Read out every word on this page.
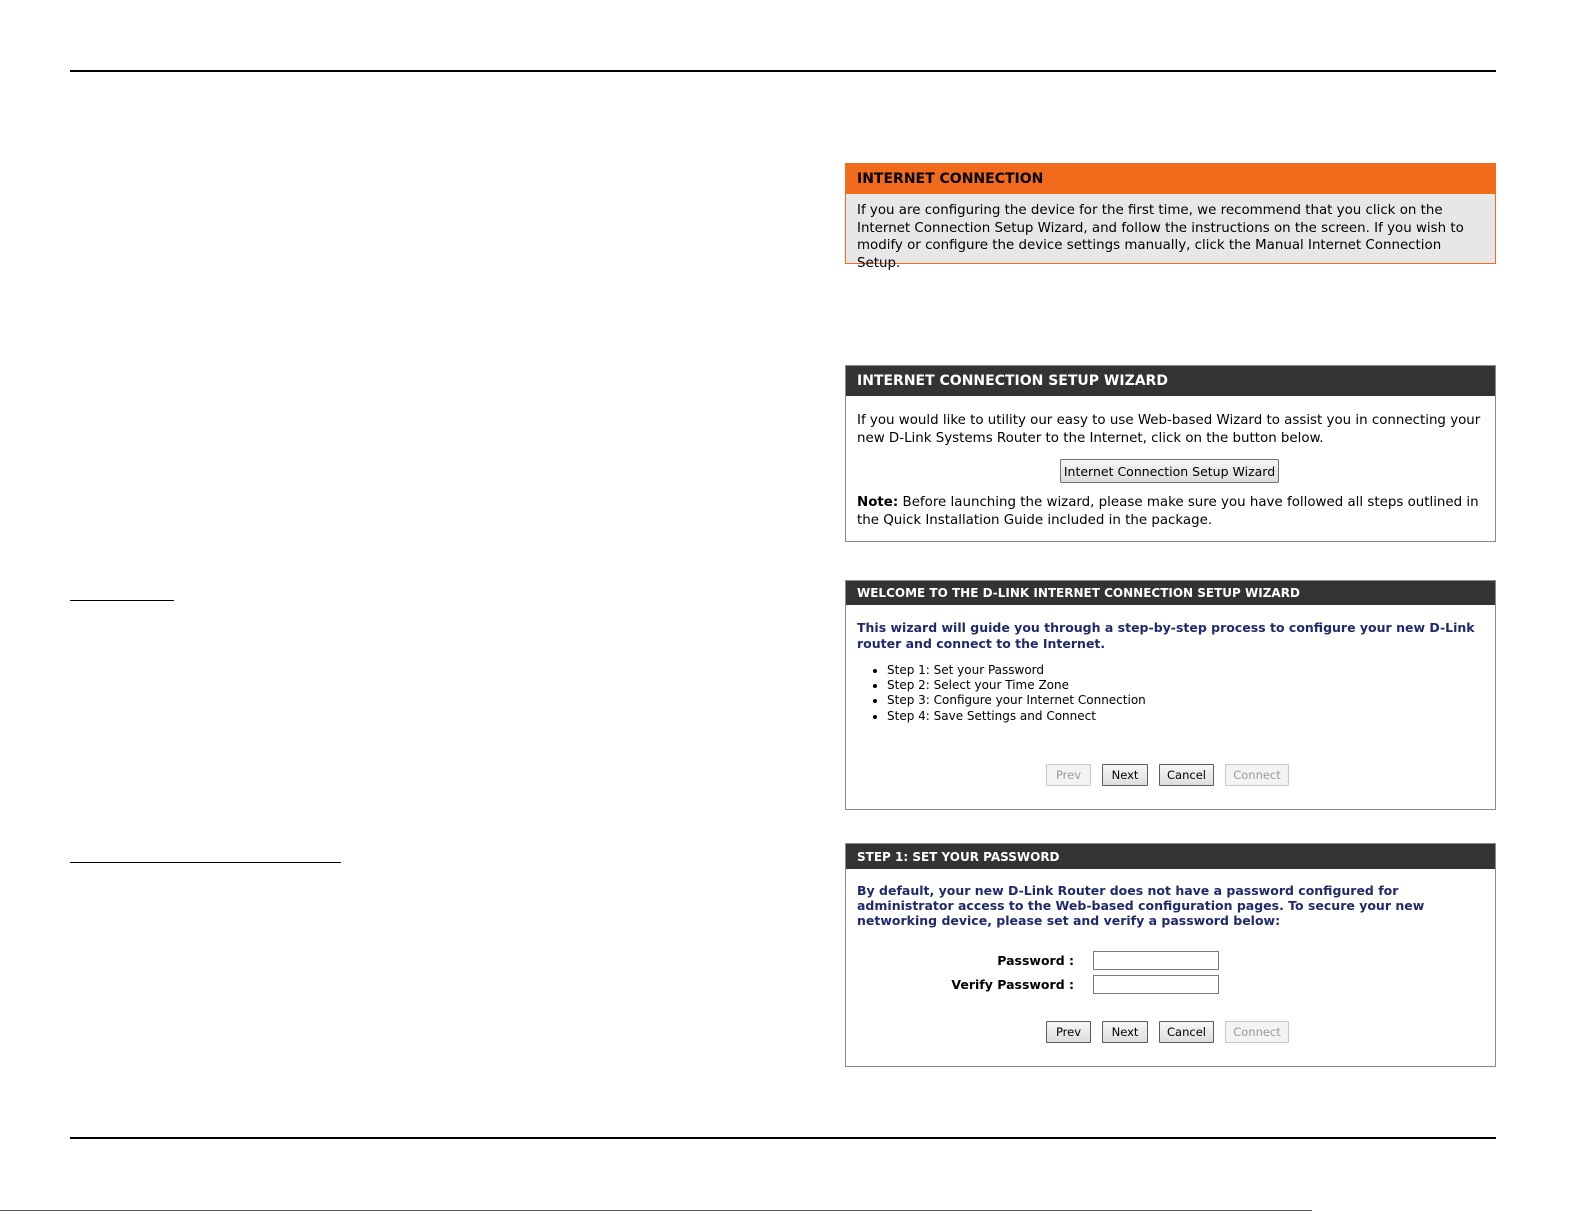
INTERNET CONNECTION
If you are configuring the device for the first time, we recommend that you click on the Internet Connection Setup Wizard, and follow the instructions on the screen. If you wish to modify or configure the device settings manually, click the Manual Internet Connection Setup.
INTERNET CONNECTION SETUP WIZARD
If you would like to utility our easy to use Web-based Wizard to assist you in connecting your new D-Link Systems Router to the Internet, click on the button below.
Internet Connection Setup Wizard
Note: Before launching the wizard, please make sure you have followed all steps outlined in the Quick Installation Guide included in the package.
WELCOME TO THE D-LINK INTERNET CONNECTION SETUP WIZARD
This wizard will guide you through a step-by-step process to configure your new D-Link router and connect to the Internet.
• Step 1: Set your Password
• Step 2: Select your Time Zone
• Step 3: Configure your Internet Connection
• Step 4: Save Settings and Connect
Prev	Next	Cancel	Connect
STEP 1: SET YOUR PASSWORD
By default, your new D-Link Router does not have a password configured for administrator access to the Web-based configuration pages. To secure your new networking device, please set and verify a password below:
Password :
Verify Password :
Prev	Next	Cancel	Connect
